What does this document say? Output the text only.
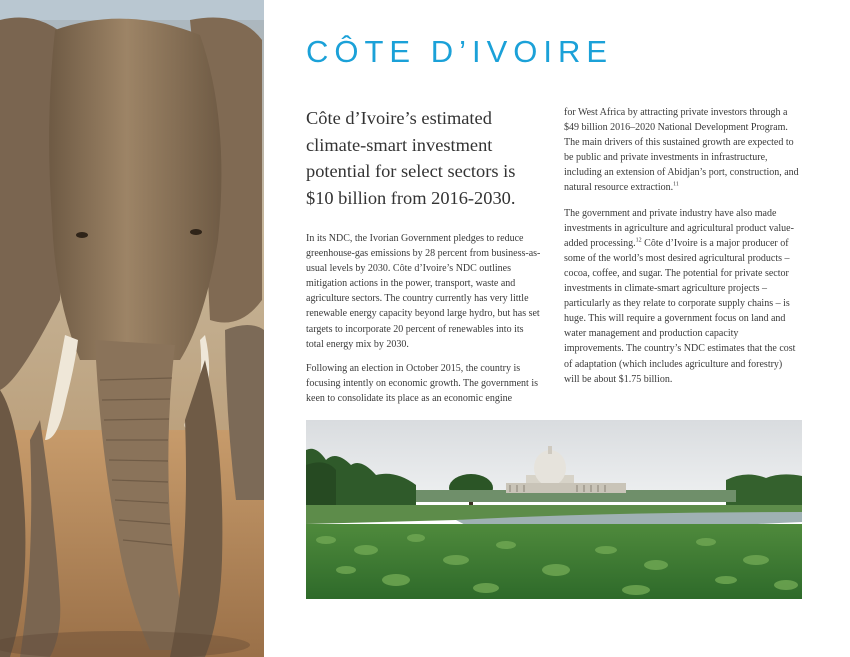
CÔTE D’IVOIRE

Côte d’Ivoire’s estimated climate-smart investment potential for select sectors is $10 billion from 2016-2030.

In its NDC, the Ivorian Government pledges to reduce greenhouse-gas emissions by 28 percent from business-as-usual levels by 2030. Côte d’Ivoire’s NDC outlines mitigation actions in the power, transport, waste and agriculture sectors. The country currently has very little renewable energy capacity beyond large hydro, but has set targets to incorporate 20 percent of renewables into its total energy mix by 2030.

Following an election in October 2015, the country is focusing intently on economic growth. The government is keen to consolidate its place as an economic engine

for West Africa by attracting private investors through a $49 billion 2016–2020 National Development Program. The main drivers of this sustained growth are expected to be public and private investments in infrastructure, including an extension of Abidjan’s port, construction, and natural resource extraction.$^{11}$

The government and private industry have also made investments in agriculture and agricultural product value-added processing.$^{12}$ Côte d’Ivoire is a major producer of some of the world’s most desired agricultural products – cocoa, coffee, and sugar. The potential for private sector investments in climate-smart agriculture projects – particularly as they relate to corporate supply chains – is huge. This will require a government focus on land and water management and production capacity improvements. The country’s NDC estimates that the cost of adaptation (which includes agriculture and forestry) will be about $1.75 billion.
